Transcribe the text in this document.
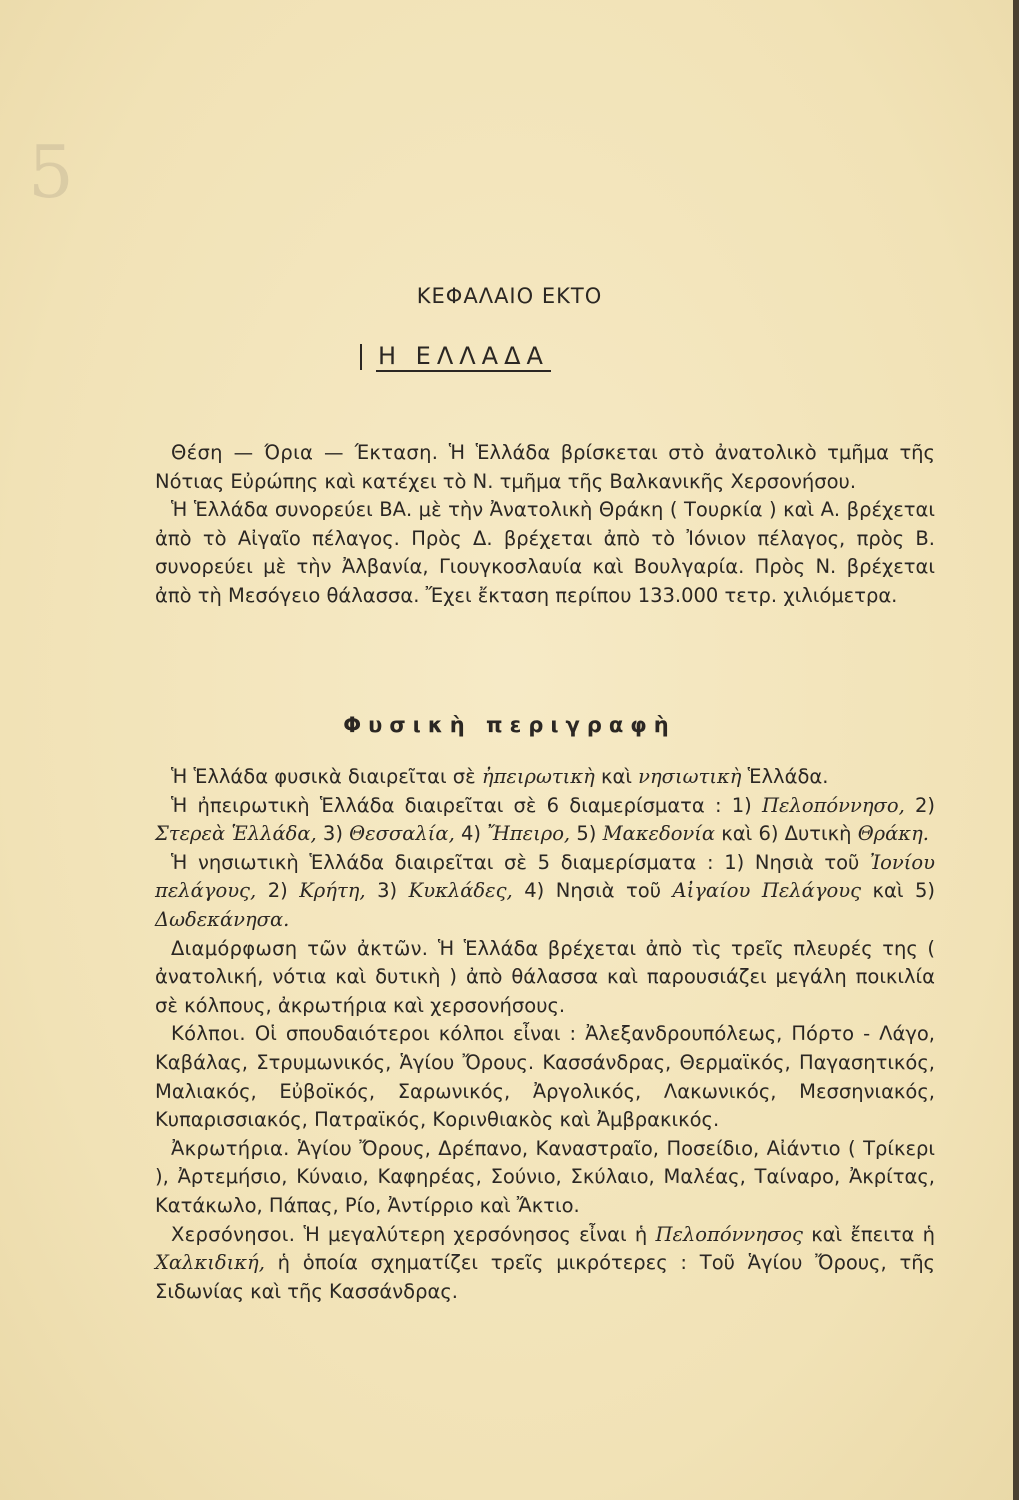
5
ΚΕΦΑΛΑΙΟ ΕΚΤΟ
Η ΕΛΛΑΔΑ

Θέση — Όρια — Έκταση. Ἡ Ἑλλάδα βρίσκεται στὸ ἀνατολικὸ τμῆμα τῆς Νότιας Εὐρώπης καὶ κατέχει τὸ Ν. τμῆμα τῆς Βαλκανικῆς Χερσονήσου.

Ἡ Ἑλλάδα συνορεύει ΒΑ. μὲ τὴν Ἀνατολικὴ Θράκη ( Τουρκία ) καὶ Α. βρέχεται ἀπὸ τὸ Αἰγαῖο πέλαγος. Πρὸς Δ. βρέχεται ἀπὸ τὸ Ἰόνιον πέλαγος, πρὸς Β. συνορεύει μὲ τὴν Ἀλβανία, Γιουγκοσλαυία καὶ Βουλγαρία. Πρὸς Ν. βρέχεται ἀπὸ τὴ Μεσόγειο θάλασσα. Ἔχει ἔκταση περίπου 133.000 τετρ. χιλιόμετρα.

Φυσικὴ περιγραφὴ

Ἡ Ἑλλάδα φυσικὰ διαιρεῖται σὲ ἠπειρωτικὴ καὶ νησιωτικὴ Ἑλλάδα.

Ἡ ἠπειρωτικὴ Ἑλλάδα διαιρεῖται σὲ 6 διαμερίσματα : 1) Πελοπόννησο, 2) Στερεὰ Ἑλλάδα, 3) Θεσσαλία, 4) Ἤπειρο, 5) Μακεδονία καὶ 6) Δυτικὴ Θράκη.

Ἡ νησιωτικὴ Ἑλλάδα διαιρεῖται σὲ 5 διαμερίσματα : 1) Νησιὰ τοῦ Ἰονίου πελάγους, 2) Κρήτη, 3) Κυκλάδες, 4) Νησιὰ τοῦ Αἰγαίου Πελάγους καὶ 5) Δωδεκάνησα.

Διαμόρφωση τῶν ἀκτῶν. Ἡ Ἑλλάδα βρέχεται ἀπὸ τὶς τρεῖς πλευρές της ( ἀνατολική, νότια καὶ δυτικὴ ) ἀπὸ θάλασσα καὶ παρουσιάζει μεγάλη ποικιλία σὲ κόλπους, ἀκρωτήρια καὶ χερσονήσους.

Κόλποι. Οἱ σπουδαιότεροι κόλποι εἶναι : Ἀλεξανδρουπόλεως, Πόρτο - Λάγο, Καβάλας, Στρυμωνικός, Ἁγίου Ὄρους. Κασσάνδρας, Θερμαϊκός, Παγασητικός, Μαλιακός, Εὐβοϊκός, Σαρωνικός, Ἀργολικός, Λακωνικός, Μεσσηνιακός, Κυπαρισσιακός, Πατραϊκός, Κορινθιακὸς καὶ Ἀμβρακικός.

Ἀκρωτήρια. Ἁγίου Ὄρους, Δρέπανο, Καναστραῖο, Ποσείδιο, Αἰάντιο ( Τρίκερι ), Ἀρτεμήσιο, Κύναιο, Καφηρέας, Σούνιο, Σκύλαιο, Μαλέας, Ταίναρο, Ἀκρίτας, Κατάκωλο, Πάπας, Ρίο, Ἀντίρριο καὶ Ἄκτιο.

Χερσόνησοι. Ἡ μεγαλύτερη χερσόνησος εἶναι ἡ Πελοπόννησος καὶ ἔπειτα ἡ Χαλκιδική, ἡ ὁποία σχηματίζει τρεῖς μικρότερες : Τοῦ Ἁγίου Ὄρους, τῆς Σιδωνίας καὶ τῆς Κασσάνδρας.
